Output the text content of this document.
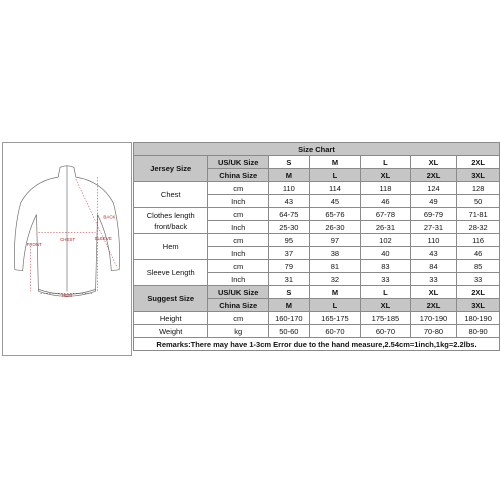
BACK
CHEST
FRONT
SLEEVE
HEM
Size Chart						
Jersey Size	US/UK Size	S	M	L	XL	2XL
	China Size	M	L	XL	2XL	3XL
Chest	cm	110	114	118	124	128
	Inch	43	45	46	49	50
Clothes length front/back	cm	64-75	65-76	67-78	69-79	71-81
	Inch	25-30	26-30	26-31	27-31	28-32
Hem	cm	95	97	102	110	116
	Inch	37	38	40	43	46
Sleeve Length	cm	79	81	83	84	85
	Inch	31	32	33	33	33
Suggest Size	US/UK Size	S	M	L	XL	2XL
	China Size	M	L	XL	2XL	3XL
Height	cm	160-170	165-175	175-185	170-190	180-190
Weight	kg	50-60	60-70	60-70	70-80	80-90
Remarks:There may have 1-3cm Error due to the hand measure,2.54cm=1inch,1kg=2.2lbs.						
